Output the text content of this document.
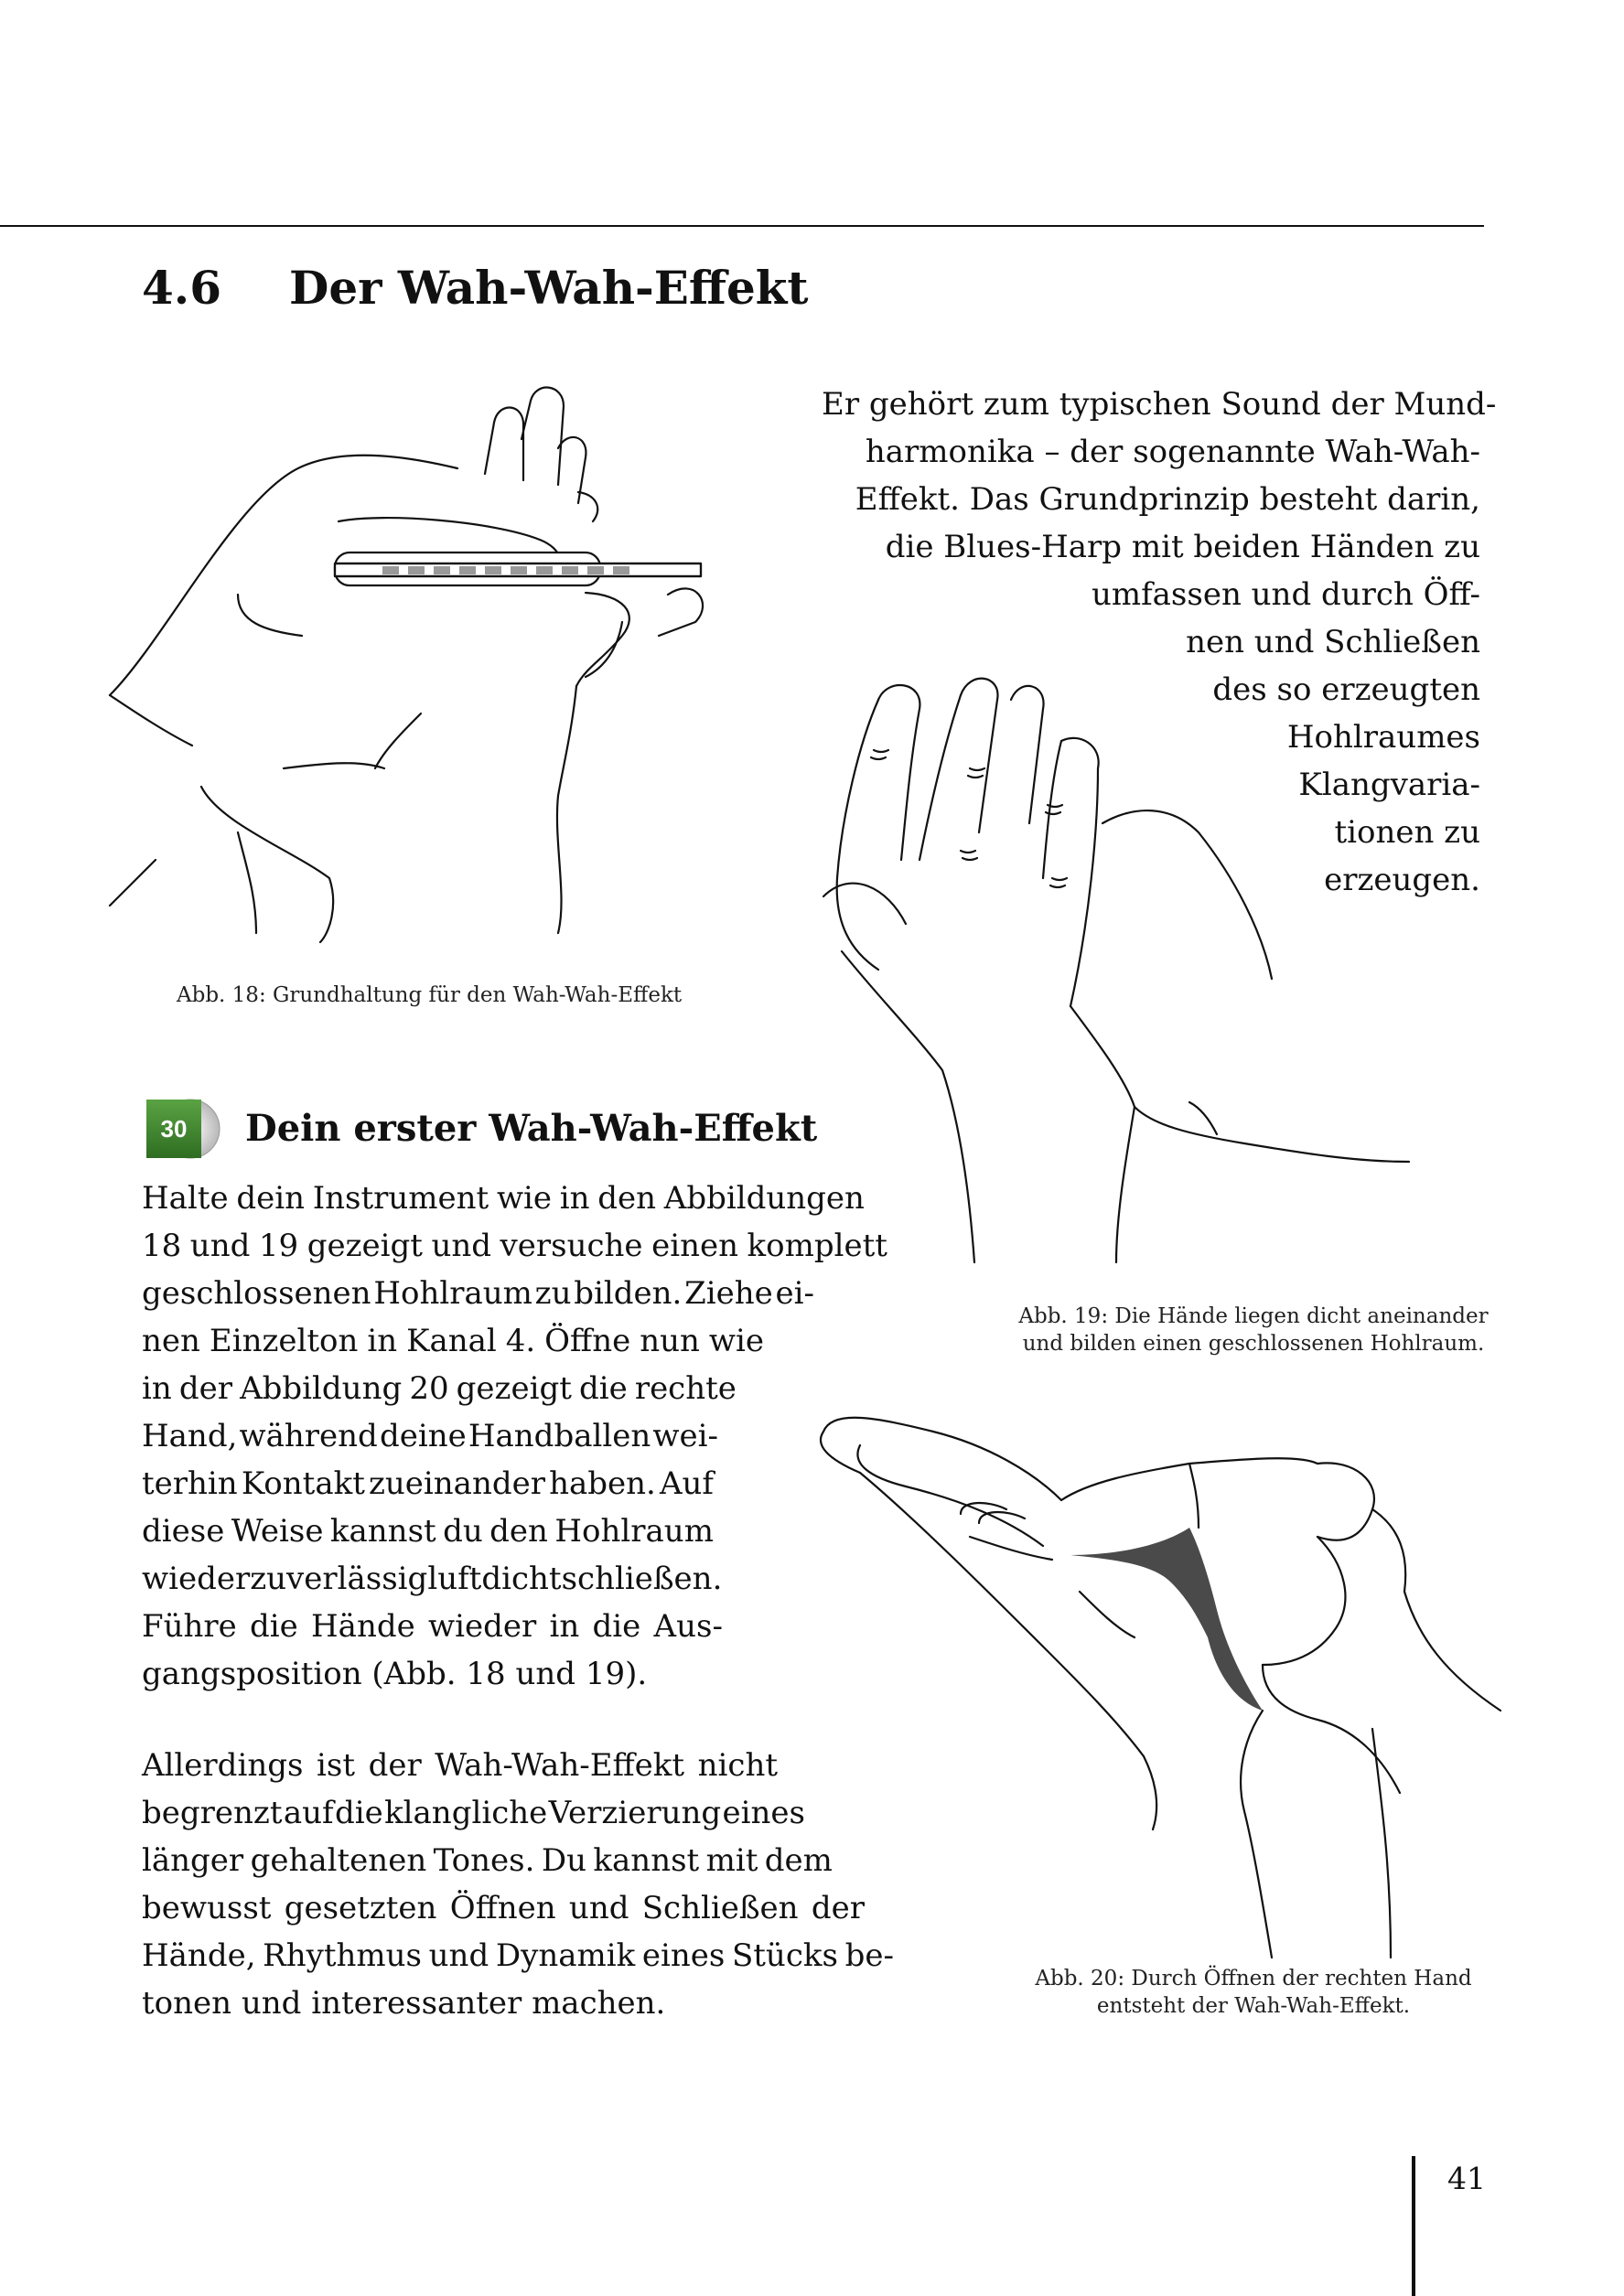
4.6 Der Wah-Wah-Effekt
Abb. 18: Grundhaltung für den Wah-Wah-Effekt
Er gehört zum typischen Sound der Mund-
harmonika – der sogenannte Wah-Wah-
Effekt. Das Grundprinzip besteht darin,
die Blues-Harp mit beiden Händen zu
umfassen und durch Öff-
nen und Schließen
des so erzeugten
Hohlraumes
Klangvaria-
tionen zu
erzeugen.
Abb. 19: Die Hände liegen dicht aneinander
und bilden einen geschlossenen Hohlraum.
30 Dein erster Wah-Wah-Effekt
Halte dein Instrument wie in den Abbildungen
18 und 19 gezeigt und versuche einen komplett
geschlossenen Hohlraum zu bilden. Ziehe ei-
nen Einzelton in Kanal 4. Öffne nun wie
in der Abbildung 20 gezeigt die rechte
Hand, während deine Handballen wei-
terhin Kontakt zueinander haben. Auf
diese Weise kannst du den Hohlraum
wieder zuverlässig luftdicht schließen.
Führe die Hände wieder in die Aus-
gangsposition (Abb. 18 und 19).
Abb. 20: Durch Öffnen der rechten Hand
entsteht der Wah-Wah-Effekt.
Allerdings ist der Wah-Wah-Effekt nicht
begrenzt auf die klangliche Verzierung eines
länger gehaltenen Tones. Du kannst mit dem
bewusst gesetzten Öffnen und Schließen der
Hände, Rhythmus und Dynamik eines Stücks be-
tonen und interessanter machen.
41
